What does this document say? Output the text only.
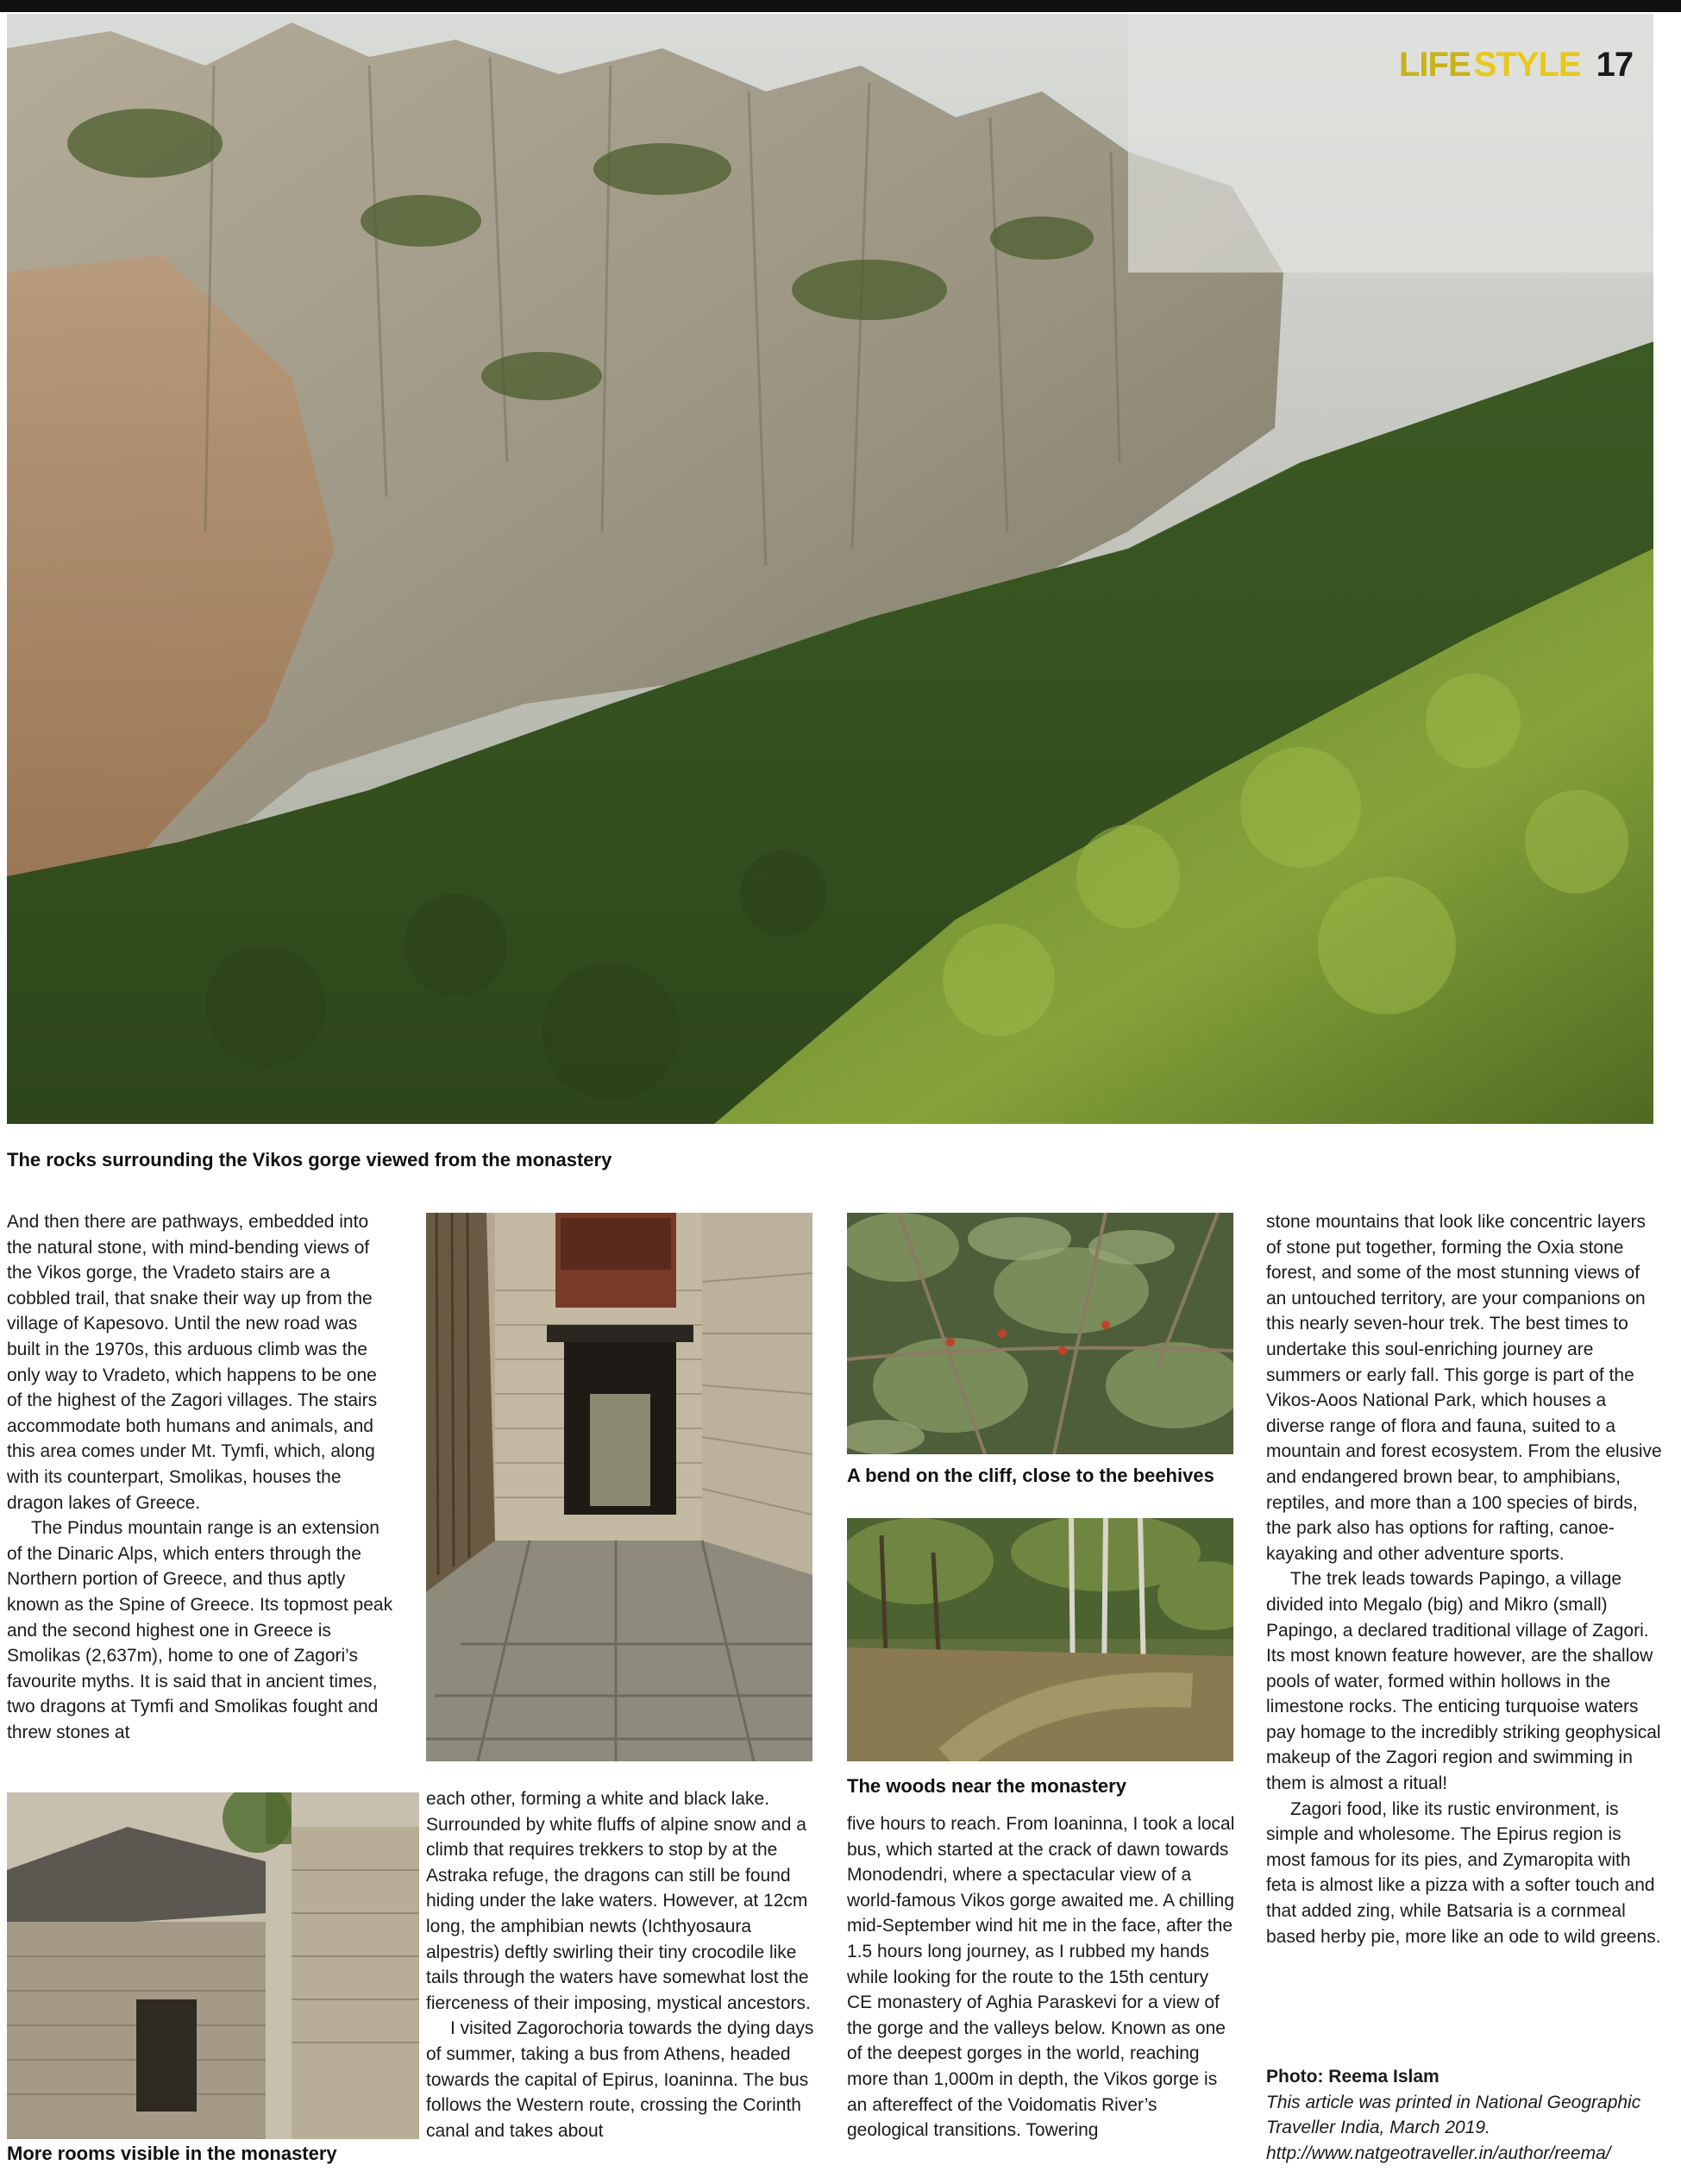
LIFE STYLE 17
The rocks surrounding the Vikos gorge viewed from the monastery

And then there are pathways, embedded into the natural stone, with mind-bending views of the Vikos gorge, the Vradeto stairs are a cobbled trail, that snake their way up from the village of Kapesovo. Until the new road was built in the 1970s, this arduous climb was the only way to Vradeto, which happens to be one of the highest of the Zagori villages. The stairs accommodate both humans and animals, and this area comes under Mt. Tymfi, which, along with its counterpart, Smolikas, houses the dragon lakes of Greece.

The Pindus mountain range is an extension of the Dinaric Alps, which enters through the Northern portion of Greece, and thus aptly known as the Spine of Greece. Its topmost peak and the second highest one in Greece is Smolikas (2,637m), home to one of Zagori’s favourite myths. It is said that in ancient times, two dragons at Tymfi and Smolikas fought and threw stones at

More rooms visible in the monastery

each other, forming a white and black lake. Surrounded by white fluffs of alpine snow and a climb that requires trekkers to stop by at the Astraka refuge, the dragons can still be found hiding under the lake waters. However, at 12cm long, the amphibian newts (Ichthyosaura alpestris) deftly swirling their tiny crocodile like tails through the waters have somewhat lost the fierceness of their imposing, mystical ancestors.

I visited Zagorochoria towards the dying days of summer, taking a bus from Athens, headed towards the capital of Epirus, Ioaninna. The bus follows the Western route, crossing the Corinth canal and takes about

A bend on the cliff, close to the beehives
The woods near the monastery

five hours to reach. From Ioaninna, I took a local bus, which started at the crack of dawn towards Monodendri, where a spectacular view of a world-famous Vikos gorge awaited me. A chilling mid-September wind hit me in the face, after the 1.5 hours long journey, as I rubbed my hands while looking for the route to the 15th century CE monastery of Aghia Paraskevi for a view of the gorge and the valleys below. Known as one of the deepest gorges in the world, reaching more than 1,000m in depth, the Vikos gorge is an aftereffect of the Voidomatis River’s geological transitions. Towering

stone mountains that look like concentric layers of stone put together, forming the Oxia stone forest, and some of the most stunning views of an untouched territory, are your companions on this nearly seven-hour trek. The best times to undertake this soul-enriching journey are summers or early fall. This gorge is part of the Vikos-Aoos National Park, which houses a diverse range of flora and fauna, suited to a mountain and forest ecosystem. From the elusive and endangered brown bear, to amphibians, reptiles, and more than a 100 species of birds, the park also has options for rafting, canoe-kayaking and other adventure sports.

The trek leads towards Papingo, a village divided into Megalo (big) and Mikro (small) Papingo, a declared traditional village of Zagori. Its most known feature however, are the shallow pools of water, formed within hollows in the limestone rocks. The enticing turquoise waters pay homage to the incredibly striking geophysical makeup of the Zagori region and swimming in them is almost a ritual!

Zagori food, like its rustic environment, is simple and wholesome. The Epirus region is most famous for its pies, and Zymaropita with feta is almost like a pizza with a softer touch and that added zing, while Batsaria is a cornmeal based herby pie, more like an ode to wild greens.

Photo: Reema Islam

This article was printed in National Geographic Traveller India, March 2019.

http://www.natgeotraveller.in/author/reema/
